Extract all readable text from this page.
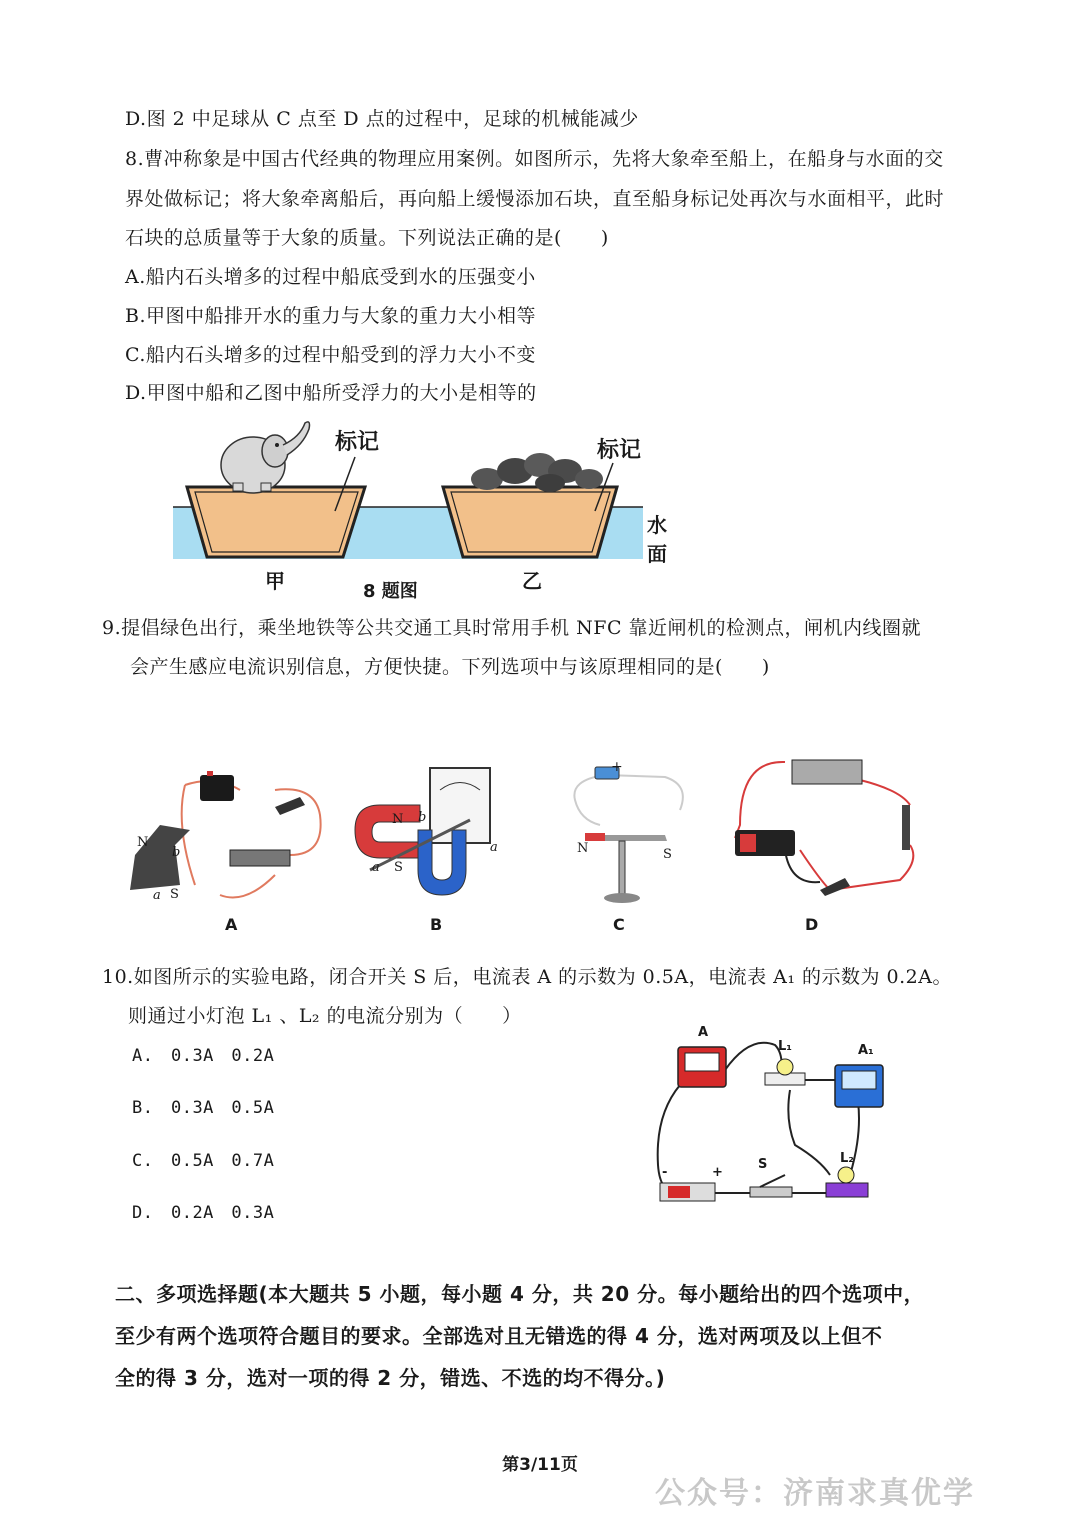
D.图 2 中足球从 C 点至 D 点的过程中，足球的机械能减少
8.曹冲称象是中国古代经典的物理应用案例。如图所示，先将大象牵至船上，在船身与水面的交
界处做标记；将大象牵离船后，再向船上缓慢添加石块，直至船身标记处再次与水面相平，此时
石块的总质量等于大象的质量。下列说法正确的是(　　)
A.船内石头增多的过程中船底受到水的压强变小
B.甲图中船排开水的重力与大象的重力大小相等
C.船内石头增多的过程中船受到的浮力大小不变
D.甲图中船和乙图中船所受浮力的大小是相等的
标记	标记
水面
甲	乙
8 题图
9.提倡绿色出行，乘坐地铁等公共交通工具时常用手机 NFC 靠近闸机的检测点，闸机内线圈就
会产生感应电流识别信息，方便快捷。下列选项中与该原理相同的是(　　)
N
b
a S
A
N b
a S
a
B
+
N	S
C	D
10.如图所示的实验电路，闭合开关 S 后，电流表 A 的示数为 0.5A，电流表 A₁ 的示数为 0.2A。
则通过小灯泡 L₁ 、L₂ 的电流分别为（　　）
A.　0.3A　0.2A
B.　0.3A　0.5A
C.　0.5A　0.7A
D.　0.2A　0.3A
A
L₁	A₁
S	L₂
-	+
二、多项选择题(本大题共 5 小题，每小题 4 分，共 20 分。每小题给出的四个选项中，
至少有两个选项符合题目的要求。全部选对且无错选的得 4 分，选对两项及以上但不
全的得 3 分，选对一项的得 2 分，错选、不选的均不得分。)
第3/11页
公众号：济南求真优学
